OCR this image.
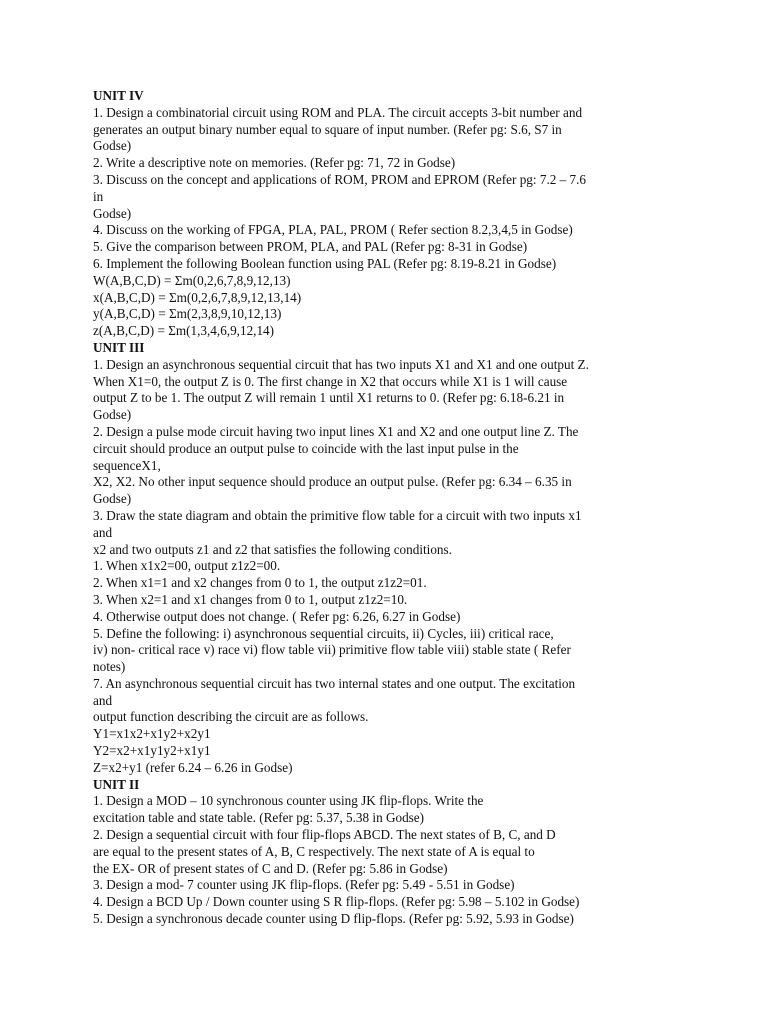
UNIT IV
1. Design a combinatorial circuit using ROM and PLA. The circuit accepts 3-bit number and
generates an output binary number equal to square of input number. (Refer pg: S.6, S7 in
Godse)
2. Write a descriptive note on memories. (Refer pg: 71, 72 in Godse)
3. Discuss on the concept and applications of ROM, PROM and EPROM (Refer pg: 7.2 – 7.6
in
Godse)
4. Discuss on the working of FPGA, PLA, PAL, PROM ( Refer section 8.2,3,4,5 in Godse)
5. Give the comparison between PROM, PLA, and PAL (Refer pg: 8-31 in Godse)
6. Implement the following Boolean function using PAL (Refer pg: 8.19-8.21 in Godse)
W(A,B,C,D) = Σm(0,2,6,7,8,9,12,13)
x(A,B,C,D) = Σm(0,2,6,7,8,9,12,13,14)
y(A,B,C,D) = Σm(2,3,8,9,10,12,13)
z(A,B,C,D) = Σm(1,3,4,6,9,12,14)
UNIT III
1. Design an asynchronous sequential circuit that has two inputs X1 and X1 and one output Z.
When X1=0, the output Z is 0. The first change in X2 that occurs while X1 is 1 will cause
output Z to be 1. The output Z will remain 1 until X1 returns to 0. (Refer pg: 6.18-6.21 in
Godse)
2. Design a pulse mode circuit having two input lines X1 and X2 and one output line Z. The
circuit should produce an output pulse to coincide with the last input pulse in the
sequenceX1,
X2, X2. No other input sequence should produce an output pulse. (Refer pg: 6.34 – 6.35 in
Godse)
3. Draw the state diagram and obtain the primitive flow table for a circuit with two inputs x1
and
x2 and two outputs z1 and z2 that satisfies the following conditions.
1. When x1x2=00, output z1z2=00.
2. When x1=1 and x2 changes from 0 to 1, the output z1z2=01.
3. When x2=1 and x1 changes from 0 to 1, output z1z2=10.
4. Otherwise output does not change. ( Refer pg: 6.26, 6.27 in Godse)
5. Define the following: i) asynchronous sequential circuits, ii) Cycles, iii) critical race,
iv) non- critical race v) race vi) flow table vii) primitive flow table viii) stable state ( Refer
notes)
7. An asynchronous sequential circuit has two internal states and one output. The excitation
and
output function describing the circuit are as follows.
Y1=x1x2+x1y2+x2y1
Y2=x2+x1y1y2+x1y1
Z=x2+y1 (refer 6.24 – 6.26 in Godse)
UNIT II
1. Design a MOD – 10 synchronous counter using JK flip-flops. Write the
excitation table and state table. (Refer pg: 5.37, 5.38 in Godse)
2. Design a sequential circuit with four flip-flops ABCD. The next states of B, C, and D
are equal to the present states of A, B, C respectively. The next state of A is equal to
the EX- OR of present states of C and D. (Refer pg: 5.86 in Godse)
3. Design a mod- 7 counter using JK flip-flops. (Refer pg: 5.49 - 5.51 in Godse)
4. Design a BCD Up / Down counter using S R flip-flops. (Refer pg: 5.98 – 5.102 in Godse)
5. Design a synchronous decade counter using D flip-flops. (Refer pg: 5.92, 5.93 in Godse)
